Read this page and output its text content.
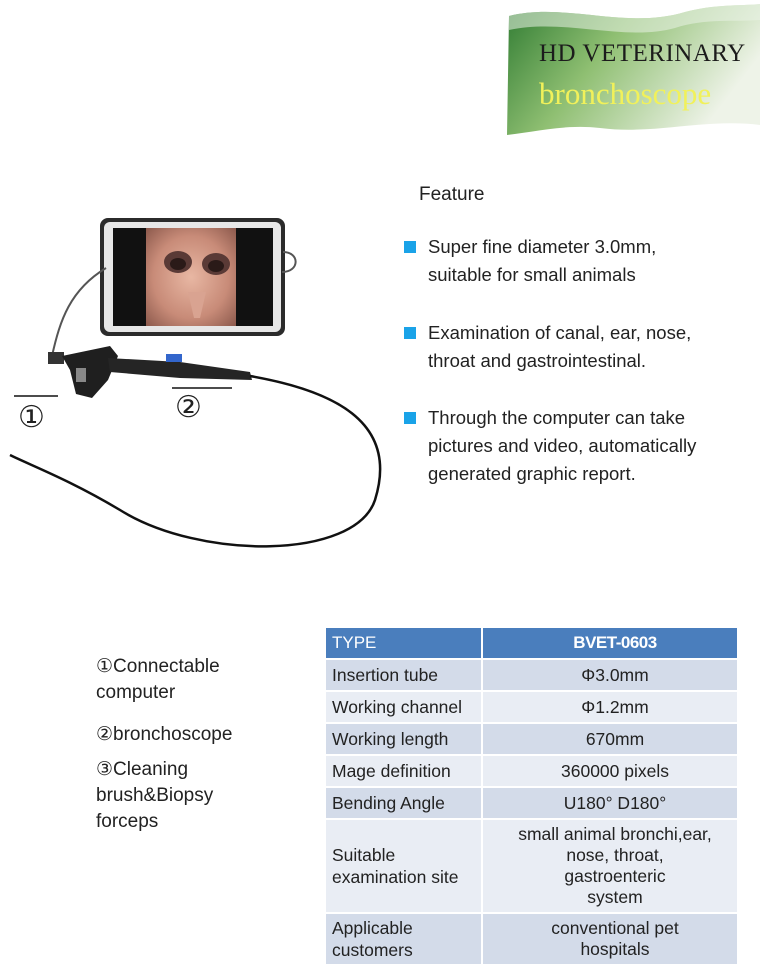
HD VETERINARY
bronchoscope
Feature
Super fine diameter 3.0mm,
suitable for small animals
Examination of canal, ear, nose,
throat and gastrointestinal.
Through the computer can take
pictures and video, automatically
generated graphic report.
①	②
①Connectable
computer
②bronchoscope
③Cleaning
brush&Biopsy
forceps
TYPE	BVET-0603
Insertion tube	Φ3.0mm
Working channel	Φ1.2mm
Working length	670mm
Mage definition	360000 pixels
Bending Angle	U180° D180°
Suitable
examination site	small animal bronchi,ear,
nose, throat,
gastroenteric
system
Applicable
customers	conventional pet
hospitals
